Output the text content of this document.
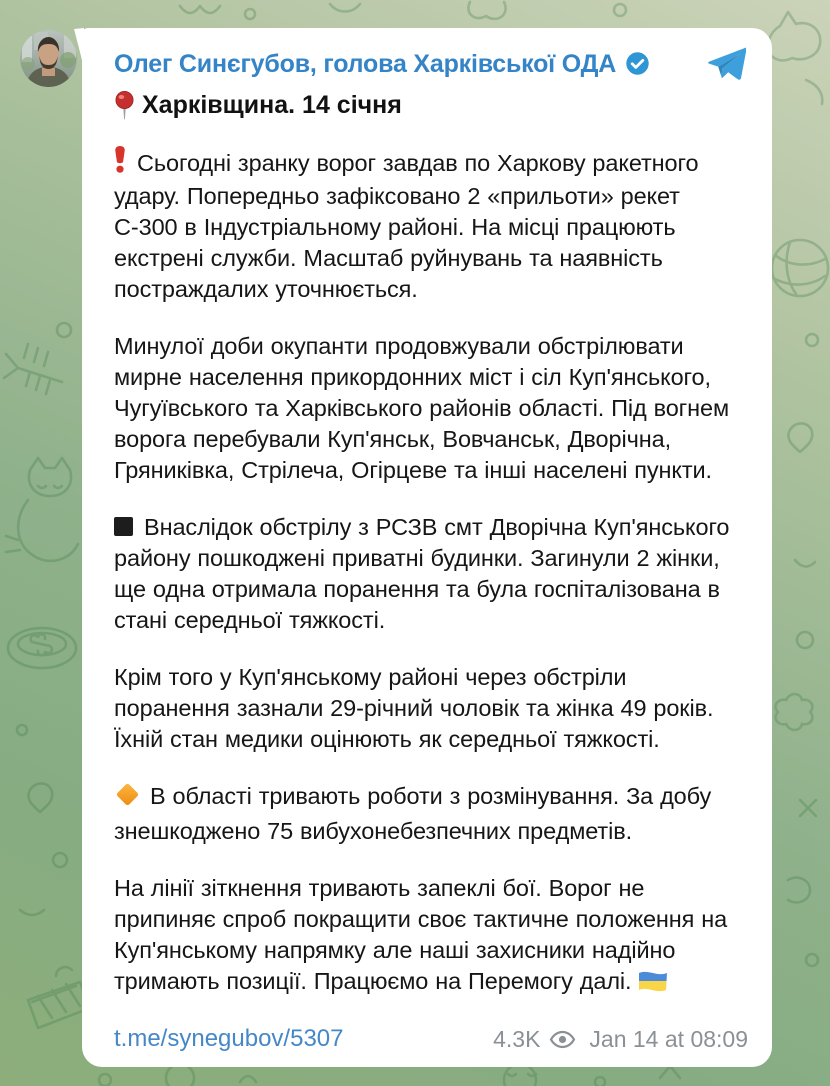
Олег Синєгубов, голова Харківської ОДА
Харківщина. 14 січня
Сьогодні зранку ворог завдав по Харкову ракетного удару. Попередньо зафіксовано 2 «прильоти» рекет С-300 в Індустріальному районі. На місці працюють екстрені служби. Масштаб руйнувань та наявність постраждалих уточнюється.
Минулої доби окупанти продовжували обстрілювати мирне населення прикордонних міст і сіл Куп'янського, Чугуївського та Харківського районів області. Під вогнем ворога перебували Куп'янськ, Вовчанськ, Дворічна, Гряниківка, Стрілеча, Огірцеве та інші населені пункти.
Внаслідок обстрілу з РСЗВ смт Дворічна Куп'янського району пошкоджені приватні будинки. Загинули 2 жінки, ще одна отримала поранення та була госпіталізована в стані середньої тяжкості.
Крім того у Куп'янському районі через обстріли поранення зазнали 29-річний чоловік та жінка 49 років. Їхній стан медики оцінюють як середньої тяжкості.
В області тривають роботи з розмінування. За добу знешкоджено 75 вибухонебезпечних предметів.
На лінії зіткнення тривають запеклі бої. Ворог не припиняє спроб покращити своє тактичне положення на Куп'янському напрямку але наші захисники надійно тримають позиції. Працюємо на Перемогу далі.
t.me/synegubov/5307	4.3K Jan 14 at 08:09
